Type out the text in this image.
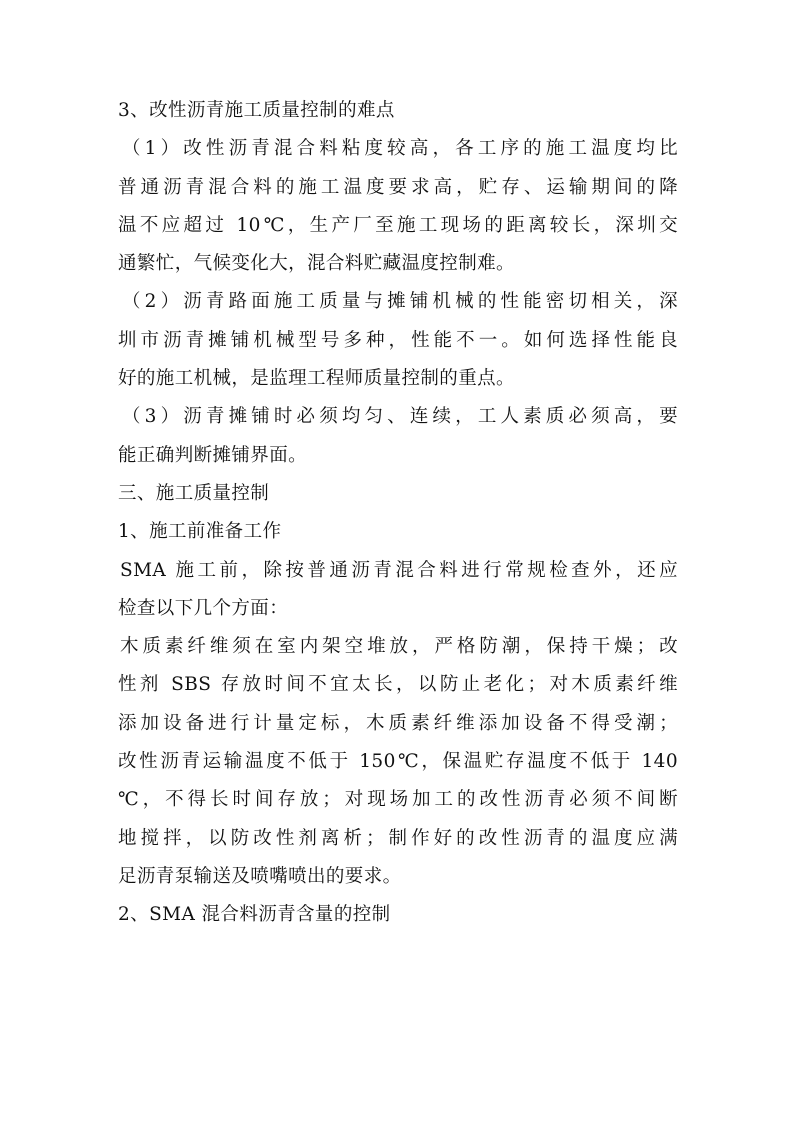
3、改性沥青施工质量控制的难点
（1）改性沥青混合料粘度较高，各工序的施工温度均比
普通沥青混合料的施工温度要求高，贮存、运输期间的降
温不应超过 10℃，生产厂至施工现场的距离较长，深圳交
通繁忙，气候变化大，混合料贮藏温度控制难。
（2）沥青路面施工质量与摊铺机械的性能密切相关，深
圳市沥青摊铺机械型号多种，性能不一。如何选择性能良
好的施工机械，是监理工程师质量控制的重点。
（3）沥青摊铺时必须均匀、连续，工人素质必须高，要
能正确判断摊铺界面。
三、施工质量控制
1、施工前准备工作
SMA 施工前，除按普通沥青混合料进行常规检查外，还应
检查以下几个方面：
木质素纤维须在室内架空堆放，严格防潮，保持干燥；改
性剂 SBS 存放时间不宜太长，以防止老化；对木质素纤维
添加设备进行计量定标，木质素纤维添加设备不得受潮；
改性沥青运输温度不低于 150℃，保温贮存温度不低于 140
℃，不得长时间存放；对现场加工的改性沥青必须不间断
地搅拌，以防改性剂离析；制作好的改性沥青的温度应满
足沥青泵输送及喷嘴喷出的要求。
2、SMA 混合料沥青含量的控制
